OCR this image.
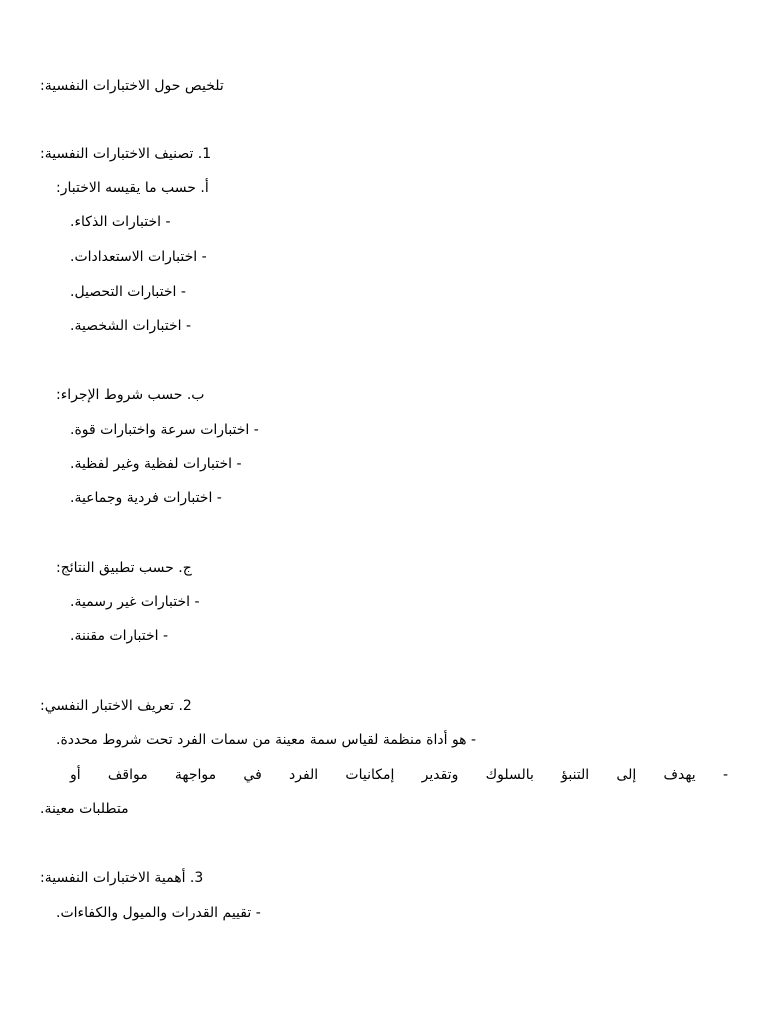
تلخيص حول الاختبارات النفسية:
1. تصنيف الاختبارات النفسية:
أ. حسب ما يقيسه الاختبار:
- اختبارات الذكاء.
- اختبارات الاستعدادات.
- اختبارات التحصيل.
- اختبارات الشخصية.
ب. حسب شروط الإجراء:
- اختبارات سرعة واختبارات قوة.
- اختبارات لفظية وغير لفظية.
- اختبارات فردية وجماعية.
ج. حسب تطبيق النتائج:
- اختبارات غير رسمية.
- اختبارات مقننة.
2. تعريف الاختبار النفسي:
- هو أداة منظمة لقياس سمة معينة من سمات الفرد تحت شروط محددة.
- يهدف إلى التنبؤ بالسلوك وتقدير إمكانيات الفرد في مواجهة مواقف أو
متطلبات معينة.
3. أهمية الاختبارات النفسية:
- تقييم القدرات والميول والكفاءات.
